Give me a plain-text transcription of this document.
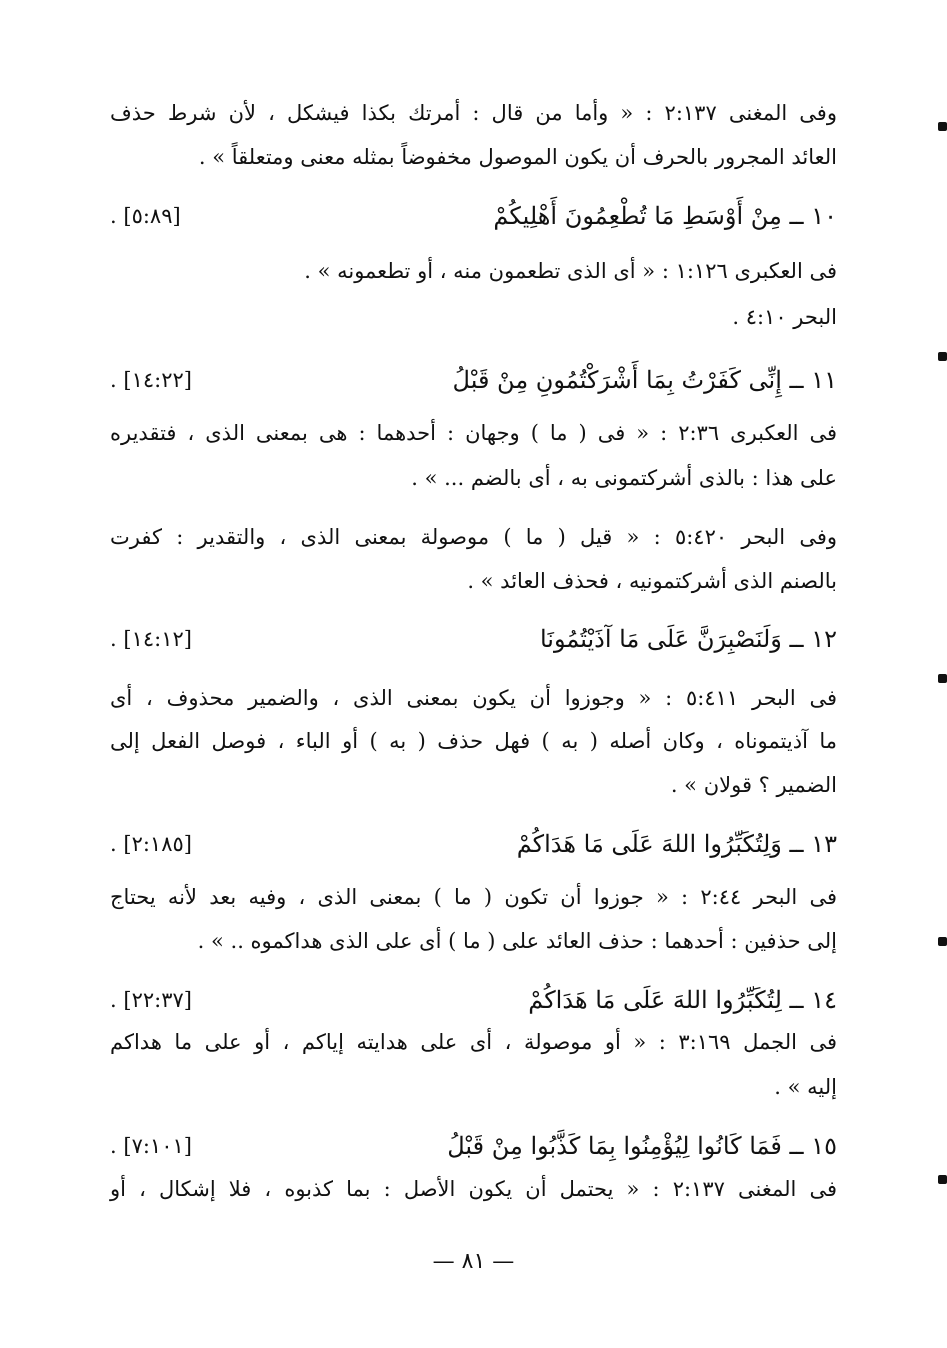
وفى المغنى ٢:١٣٧ : « وأما من قال : أمرتك بكذا فيشكل ، لأن شرط حذف
العائد المجرور بالحرف أن يكون الموصول مخفوضاً بمثله معنى ومتعلقاً » .
١٠ ــ مِنْ أَوْسَطِ مَا تُطْعِمُونَ أَهْلِيكُمْ
. [٥:٨٩]
فى العكبرى ١:١٢٦ : « أى الذى تطعمون منه ، أو تطعمونه » .
البحر ٤:١٠ .
١١ ــ إِنِّى كَفَرْتُ بِمَا أَشْرَكْتُمُونِ مِنْ قَبْلُ
. [١٤:٢٢]
فى العكبرى ٢:٣٦ : « فى ( ما ) وجهان : أحدهما : هى بمعنى الذى ، فتقديره
على هذا : بالذى أشركتمونى به ، أى بالضم ... » .
وفى البحر ٥:٤٢٠ : « قيل ( ما ) موصولة بمعنى الذى ، والتقدير : كفرت
بالصنم الذى أشركتمونيه ، فحذف العائد » .
١٢ ــ وَلَنَصْبِرَنَّ عَلَى مَا آذَيْتُمُونَا
. [١٤:١٢]
فى البحر ٥:٤١١ : « وجوزوا أن يكون بمعنى الذى ، والضمير محذوف ، أى
ما آذيتموناه ، وكان أصله ( به ) فهل حذف ( به ) أو الباء ، فوصل الفعل إلى
الضمير ؟ قولان » .
١٣ ــ وَلِتُكَبِّرُوا اللهَ عَلَى مَا هَدَاكُمْ
. [٢:١٨٥]
فى البحر ٢:٤٤ : « جوزوا أن تكون ( ما ) بمعنى الذى ، وفيه بعد لأنه يحتاج
إلى حذفين : أحدهما : حذف العائد على ( ما ) أى على الذى هداكموه .. » .
١٤ ــ لِتُكَبِّرُوا اللهَ عَلَى مَا هَدَاكُمْ
. [٢٢:٣٧]
فى الجمل ٣:١٦٩ : « أو موصولة ، أى على هدايته إياكم ، أو على ما هداكم
إليه » .
١٥ ــ فَمَا كَانُوا لِيُؤْمِنُوا بِمَا كَذَّبُوا مِنْ قَبْلُ
. [٧:١٠١]
فى المغنى ٢:١٣٧ : « يحتمل أن يكون الأصل : بما كذبوه ، فلا إشكال ، أو
— ٨١ —
